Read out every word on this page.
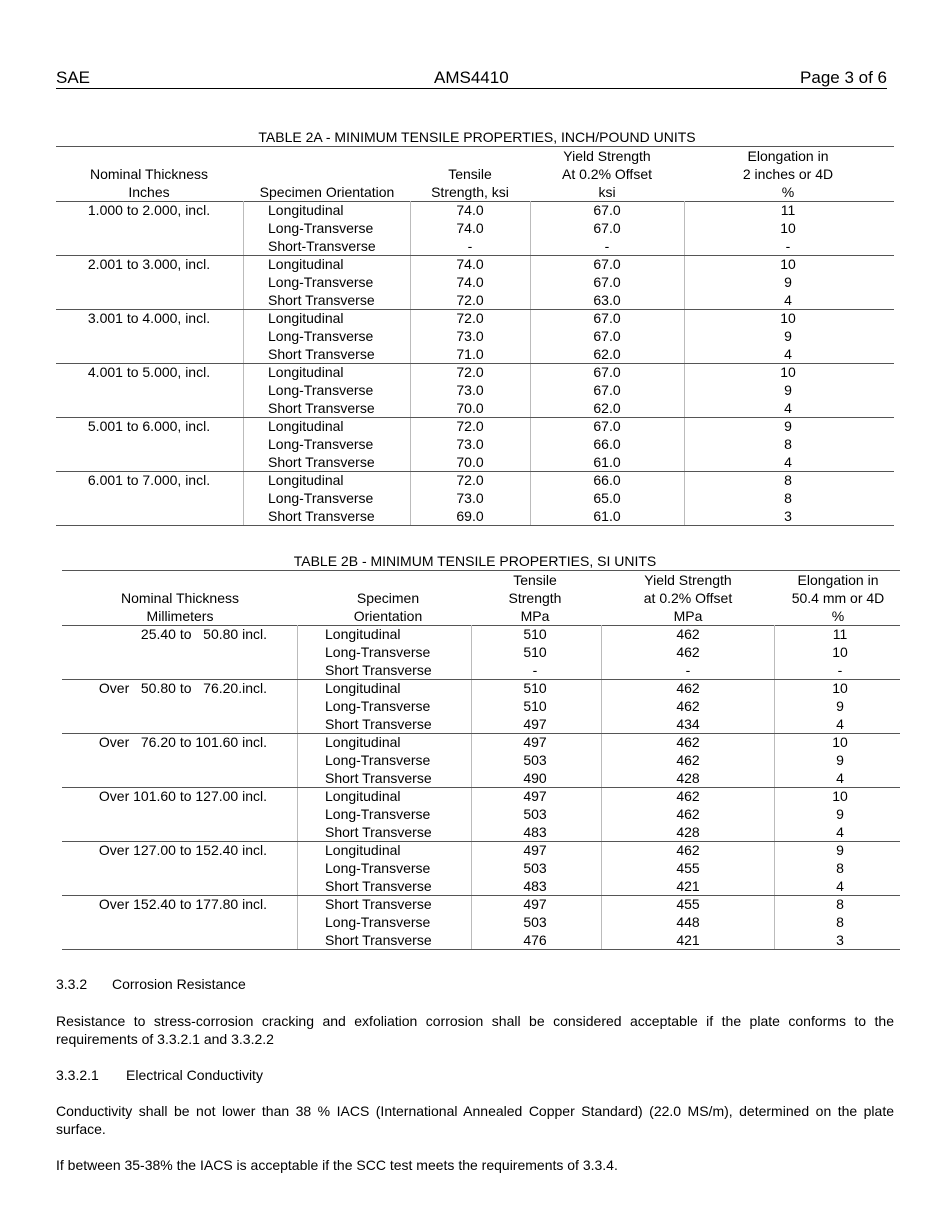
SAE	AMS4410	Page 3 of 6
TABLE 2A - MINIMUM TENSILE PROPERTIES, INCH/POUND UNITS
Yield Strength	Elongation in
Nominal Thickness	Tensile	At 0.2% Offset	2 inches or 4D
Inches	Specimen Orientation	Strength, ksi	ksi	%
1.000 to 2.000, incl.	Longitudinal	74.0	67.0	11
Long-Transverse	74.0	67.0	10
Short-Transverse	-	-	-
2.001 to 3.000, incl.	Longitudinal	74.0	67.0	10
Long-Transverse	74.0	67.0	9
Short Transverse	72.0	63.0	4
3.001 to 4.000, incl.	Longitudinal	72.0	67.0	10
Long-Transverse	73.0	67.0	9
Short Transverse	71.0	62.0	4
4.001 to 5.000, incl.	Longitudinal	72.0	67.0	10
Long-Transverse	73.0	67.0	9
Short Transverse	70.0	62.0	4
5.001 to 6.000, incl.	Longitudinal	72.0	67.0	9
Long-Transverse	73.0	66.0	8
Short Transverse	70.0	61.0	4
6.001 to 7.000, incl.	Longitudinal	72.0	66.0	8
Long-Transverse	73.0	65.0	8
Short Transverse	69.0	61.0	3
TABLE 2B - MINIMUM TENSILE PROPERTIES, SI UNITS
Tensile	Yield Strength	Elongation in
Nominal Thickness	Specimen	Strength	at 0.2% Offset	50.4 mm or 4D
Millimeters	Orientation	MPa	MPa	%
25.40 to   50.80 incl.	Longitudinal	510	462	11
Long-Transverse	510	462	10
Short Transverse	-	-	-
Over   50.80 to   76.20.incl.	Longitudinal	510	462	10
Long-Transverse	510	462	9
Short Transverse	497	434	4
Over   76.20 to 101.60 incl.	Longitudinal	497	462	10
Long-Transverse	503	462	9
Short Transverse	490	428	4
Over 101.60 to 127.00 incl.	Longitudinal	497	462	10
Long-Transverse	503	462	9
Short Transverse	483	428	4
Over 127.00 to 152.40 incl.	Longitudinal	497	462	9
Long-Transverse	503	455	8
Short Transverse	483	421	4
Over 152.40 to 177.80 incl.	Short Transverse	497	455	8
Long-Transverse	503	448	8
Short Transverse	476	421	3
3.3.2 Corrosion Resistance
Resistance to stress-corrosion cracking and exfoliation corrosion shall be considered acceptable if the plate conforms to the requirements of 3.3.2.1 and 3.3.2.2
3.3.2.1 Electrical Conductivity
Conductivity shall be not lower than 38 % IACS (International Annealed Copper Standard) (22.0 MS/m), determined on the plate surface.
If between 35-38% the IACS is acceptable if the SCC test meets the requirements of 3.3.4.
